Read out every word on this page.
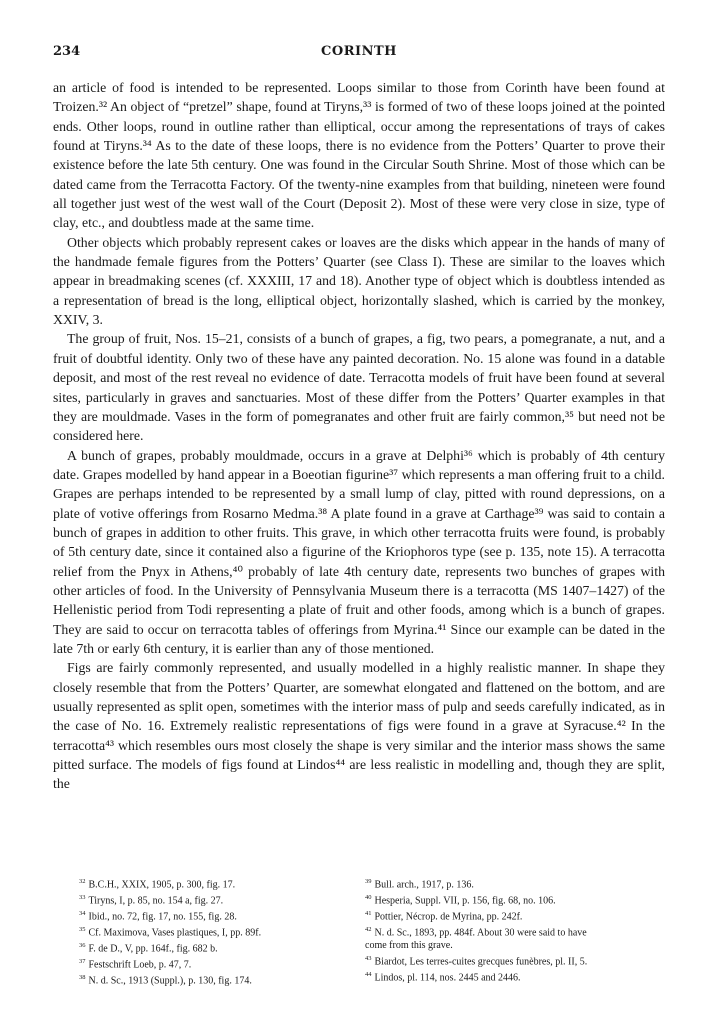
234	CORINTH

an article of food is intended to be represented. Loops similar to those from Corinth have been found at Troizen.³² An object of “pretzel” shape, found at Tiryns,³³ is formed of two of these loops joined at the pointed ends. Other loops, round in outline rather than elliptical, occur among the representations of trays of cakes found at Tiryns.³⁴ As to the date of these loops, there is no evidence from the Potters’ Quarter to prove their existence before the late 5th century. One was found in the Circular South Shrine. Most of those which can be dated came from the Terracotta Factory. Of the twenty-nine examples from that building, nineteen were found all together just west of the west wall of the Court (Deposit 2). Most of these were very close in size, type of clay, etc., and doubtless made at the same time.

Other objects which probably represent cakes or loaves are the disks which appear in the hands of many of the handmade female figures from the Potters’ Quarter (see Class I). These are similar to the loaves which appear in breadmaking scenes (cf. XXXIII, 17 and 18). Another type of object which is doubtless intended as a representation of bread is the long, elliptical object, horizontally slashed, which is carried by the monkey, XXIV, 3.

The group of fruit, Nos. 15–21, consists of a bunch of grapes, a fig, two pears, a pomegranate, a nut, and a fruit of doubtful identity. Only two of these have any painted decoration. No. 15 alone was found in a datable deposit, and most of the rest reveal no evidence of date. Terracotta models of fruit have been found at several sites, particularly in graves and sanctuaries. Most of these differ from the Potters’ Quarter examples in that they are mouldmade. Vases in the form of pomegranates and other fruit are fairly common,³⁵ but need not be considered here.

A bunch of grapes, probably mouldmade, occurs in a grave at Delphi³⁶ which is probably of 4th century date. Grapes modelled by hand appear in a Boeotian figurine³⁷ which represents a man offering fruit to a child. Grapes are perhaps intended to be represented by a small lump of clay, pitted with round depressions, on a plate of votive offerings from Rosarno Medma.³⁸ A plate found in a grave at Carthage³⁹ was said to contain a bunch of grapes in addition to other fruits. This grave, in which other terracotta fruits were found, is probably of 5th century date, since it contained also a figurine of the Kriophoros type (see p. 135, note 15). A terracotta relief from the Pnyx in Athens,⁴⁰ probably of late 4th century date, represents two bunches of grapes with other articles of food. In the University of Pennsylvania Museum there is a terracotta (MS 1407–1427) of the Hellenistic period from Todi representing a plate of fruit and other foods, among which is a bunch of grapes. They are said to occur on terracotta tables of offerings from Myrina.⁴¹ Since our example can be dated in the late 7th or early 6th century, it is earlier than any of those mentioned.

Figs are fairly commonly represented, and usually modelled in a highly realistic manner. In shape they closely resemble that from the Potters’ Quarter, are somewhat elongated and flattened on the bottom, and are usually represented as split open, sometimes with the interior mass of pulp and seeds carefully indicated, as in the case of No. 16. Extremely realistic representations of figs were found in a grave at Syracuse.⁴² In the terracotta⁴³ which resembles ours most closely the shape is very similar and the interior mass shows the same pitted surface. The models of figs found at Lindos⁴⁴ are less realistic in modelling and, though they are split, the

$^{32}$ B.C.H., XXIX, 1905, p. 300, fig. 17.

$^{33}$ Tiryns, I, p. 85, no. 154 a, fig. 27.

$^{34}$ Ibid., no. 72, fig. 17, no. 155, fig. 28.

$^{35}$ Cf. Maximova, Vases plastiques, I, pp. 89f.

$^{36}$ F. de D., V, pp. 164f., fig. 682 b.

$^{37}$ Festschrift Loeb, p. 47, 7.

$^{38}$ N. d. Sc., 1913 (Suppl.), p. 130, fig. 174.

$^{39}$ Bull. arch., 1917, p. 136.

$^{40}$ Hesperia, Suppl. VII, p. 156, fig. 68, no. 106.

$^{41}$ Pottier, Nécrop. de Myrina, pp. 242f.

$^{42}$ N. d. Sc., 1893, pp. 484f. About 30 were said to have

come from this grave.

$^{43}$ Biardot, Les terres-cuites grecques funèbres, pl. II, 5.

$^{44}$ Lindos, pl. 114, nos. 2445 and 2446.
